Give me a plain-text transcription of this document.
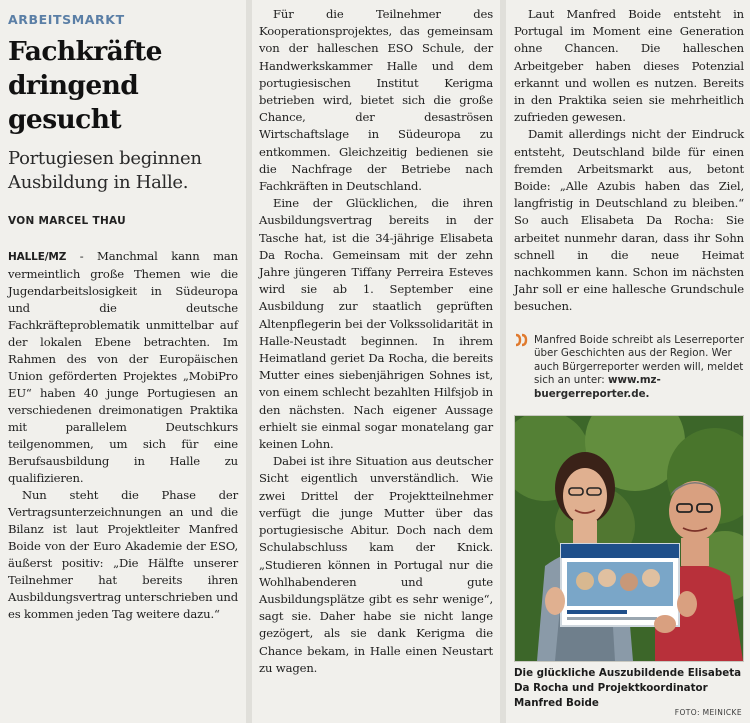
ARBEITSMARKT
Fachkräfte dringend gesucht
Portugiesen beginnen Ausbildung in Halle.
VON MARCEL THAU

HALLE/MZ - Manchmal kann man vermeintlich große Themen wie die Jugendarbeitslosigkeit in Südeuropa und die deutsche Fachkräfteproblematik unmittelbar auf der lokalen Ebene betrachten. Im Rahmen des von der Europäischen Union geförderten Projektes „MobiPro EU“ haben 40 junge Portugiesen an verschiedenen dreimonatigen Praktika mit parallelem Deutschkurs teilgenommen, um sich für eine Berufsausbildung in Halle zu qualifizieren.

Nun steht die Phase der Vertragsunterzeichnungen an und die Bilanz ist laut Projektleiter Manfred Boide von der Euro Akademie der ESO, äußerst positiv: „Die Hälfte unserer Teilnehmer hat bereits ihren Ausbildungsvertrag unterschrieben und es kommen jeden Tag weitere dazu.“

Für die Teilnehmer des Kooperationsprojektes, das gemeinsam von der halleschen ESO Schule, der Handwerkskammer Halle und dem portugiesischen Institut Kerigma betrieben wird, bietet sich die große Chance, der desaströsen Wirtschaftslage in Südeuropa zu entkommen. Gleichzeitig bedienen sie die Nachfrage der Betriebe nach Fachkräften in Deutschland.

Eine der Glücklichen, die ihren Ausbildungsvertrag bereits in der Tasche hat, ist die 34-jährige Elisabeta Da Rocha. Gemeinsam mit der zehn Jahre jüngeren Tiffany Perreira Esteves wird sie ab 1. September eine Ausbildung zur staatlich geprüften Altenpflegerin bei der Volkssolidarität in Halle-Neustadt beginnen. In ihrem Heimatland geriet Da Rocha, die bereits Mutter eines siebenjährigen Sohnes ist, von einem schlecht bezahlten Hilfsjob in den nächsten. Nach eigener Aussage erhielt sie einmal sogar monatelang gar keinen Lohn.

Dabei ist ihre Situation aus deutscher Sicht eigentlich unverständlich. Wie zwei Drittel der Projektteilnehmer verfügt die junge Mutter über das portugiesische Abitur. Doch nach dem Schulabschluss kam der Knick. „Studieren können in Portugal nur die Wohlhabenderen und gute Ausbildungsplätze gibt es sehr wenige“, sagt sie. Daher habe sie nicht lange gezögert, als sie dank Kerigma die Chance bekam, in Halle einen Neustart zu wagen.

Laut Manfred Boide entsteht in Portugal im Moment eine Generation ohne Chancen. Die halleschen Arbeitgeber haben dieses Potenzial erkannt und wollen es nutzen. Bereits in den Praktika seien sie mehrheitlich zufrieden gewesen.

Damit allerdings nicht der Eindruck entsteht, Deutschland bilde für einen fremden Arbeitsmarkt aus, betont Boide: „Alle Azubis haben das Ziel, langfristig in Deutschland zu bleiben.“ So auch Elisabeta Da Rocha: Sie arbeitet nunmehr daran, dass ihr Sohn schnell in die neue Heimat nachkommen kann. Schon im nächsten Jahr soll er eine hallesche Grundschule besuchen.

Manfred Boide schreibt als Leserreporter über Geschichten aus der Region. Wer auch Bürgerreporter werden will, meldet sich an unter: www.mz-buergerreporter.de.
Die glückliche Auszubildende Elisabeta Da Rocha und Projektkoordinator Manfred Boide
FOTO: MEINICKE
